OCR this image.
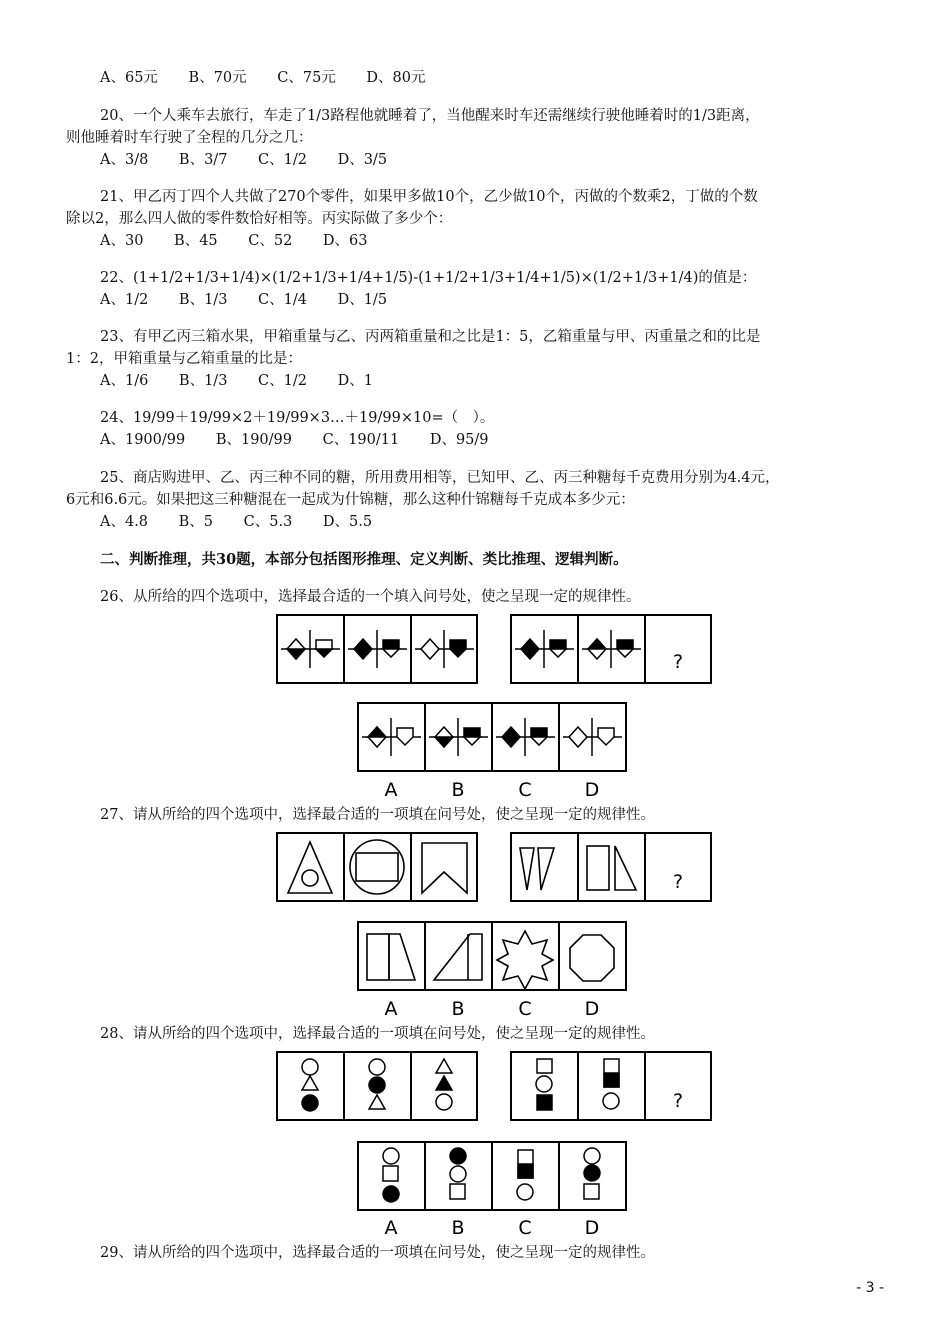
A、65元 B、70元 C、75元 D、80元
20、一个人乘车去旅行，车走了1/3路程他就睡着了，当他醒来时车还需继续行驶他睡着时的1/3距离，
则他睡着时车行驶了全程的几分之几：
A、3/8 B、3/7 C、1/2 D、3/5
21、甲乙丙丁四个人共做了270个零件，如果甲多做10个，乙少做10个，丙做的个数乘2，丁做的个数
除以2，那么四人做的零件数恰好相等。丙实际做了多少个：
A、30 B、45 C、52 D、63
22、(1+1/2+1/3+1/4)×(1/2+1/3+1/4+1/5)-(1+1/2+1/3+1/4+1/5)×(1/2+1/3+1/4)的值是：
A、1/2 B、1/3 C、1/4 D、1/5
23、有甲乙丙三箱水果，甲箱重量与乙、丙两箱重量和之比是1：5，乙箱重量与甲、丙重量之和的比是
1：2，甲箱重量与乙箱重量的比是：
A、1/6 B、1/3 C、1/2 D、1
24、19/99＋19/99×2＋19/99×3…＋19/99×10=（　）。
A、1900/99 B、190/99 C、190/11 D、95/9
25、商店购进甲、乙、丙三种不同的糖，所用费用相等，已知甲、乙、丙三种糖每千克费用分别为4.4元，
6元和6.6元。如果把这三种糖混在一起成为什锦糖，那么这种什锦糖每千克成本多少元：
A、4.8 B、5 C、5.3 D、5.5
二、判断推理，共30题，本部分包括图形推理、定义判断、类比推理、逻辑判断。
26、从所给的四个选项中，选择最合适的一个填入问号处，使之呈现一定的规律性。
?
A	B	C	D
27、请从所给的四个选项中，选择最合适的一项填在问号处，使之呈现一定的规律性。
?
A	B	C	D
28、请从所给的四个选项中，选择最合适的一项填在问号处，使之呈现一定的规律性。
?
A	B	C	D
29、请从所给的四个选项中，选择最合适的一项填在问号处，使之呈现一定的规律性。
- 3 -
